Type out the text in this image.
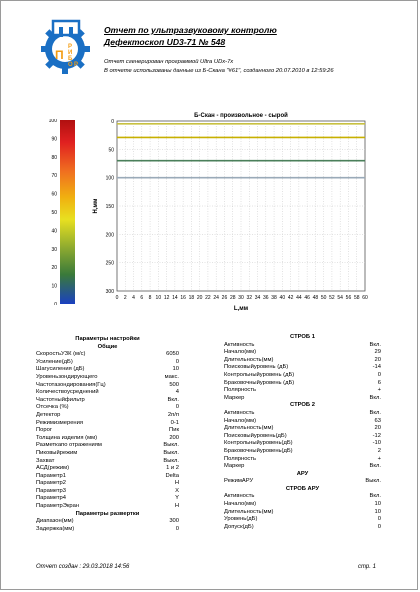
П
Р
И
Б
О Р
Отчет по ультразвуковому контролю
Дефектоскоп UD3-71 № 548
Отчет сгенерирован программой Ultra UDx-7x
В отчете использованы данные из Б-Скана "#61", созданного 20.07.2010 в 12:59:26
100
90
80
70
60
50
40
30
20
10
0
0 2 4 6 8 10 12 14 16 18 20 22 24 26 28 30 32 34 36 38 40 42 44 46 48 50 52 54 56 58 60
0
50
100
150
200
250
300
Б-Скан - произвольное - сырой
L,мм
H,мм
Параметры настройки
Общие
СкоростьУЗК (м/с)	6050
Усиление(дБ)	0
Шагусиления (дБ)	10
Уровеньзондирующего	макс.
Частотазондирования(Гц)	500
Количествоусреднений	4
Частотныйфильтр	Вкл.
Отсечка (%)	0
Детектор	2п/п
Режимизмерения	0-1
Порог	Пик
Толщина изделия (мм)	200
Разметкапо отражениям	Выкл.
Пиковыйрежим	Выкл.
Захват	Выкл.
АСД(режим)	1 и 2
Параметр1	Delta
Параметр2	H
Параметр3	X
Параметр4	Y
ПараметрЭкран	H
Параметры развертки
Диапазон(мм)	300
Задержка(мм)	0
СТРОБ 1
Активность	Вкл.
Начало(мм)	29
Длительность(мм)	20
Поисковыйуровень (дБ)	-14
Контрольныйуровень (дБ)	0
Браковочныйуровень (дБ)	6
Полярность	+
Маркер	Вкл.
СТРОБ 2
Активность	Вкл.
Начало(мм)	63
Длительность(мм)	20
Поисковыйуровень(дБ)	-12
Контрольныйуровень(дБ)	-10
Браковочныйуровень(дБ)	2
Полярность	+
Маркер	Вкл.
АРУ
РежимАРУ	Выкл.
СТРОБ АРУ
Активность	Вкл.
Начало(мм)	10
Длительность(мм)	10
Уровень(дБ)	0
Допуск(дБ)	0
Отчет создан : 29.03.2018 14:56	стр. 1
